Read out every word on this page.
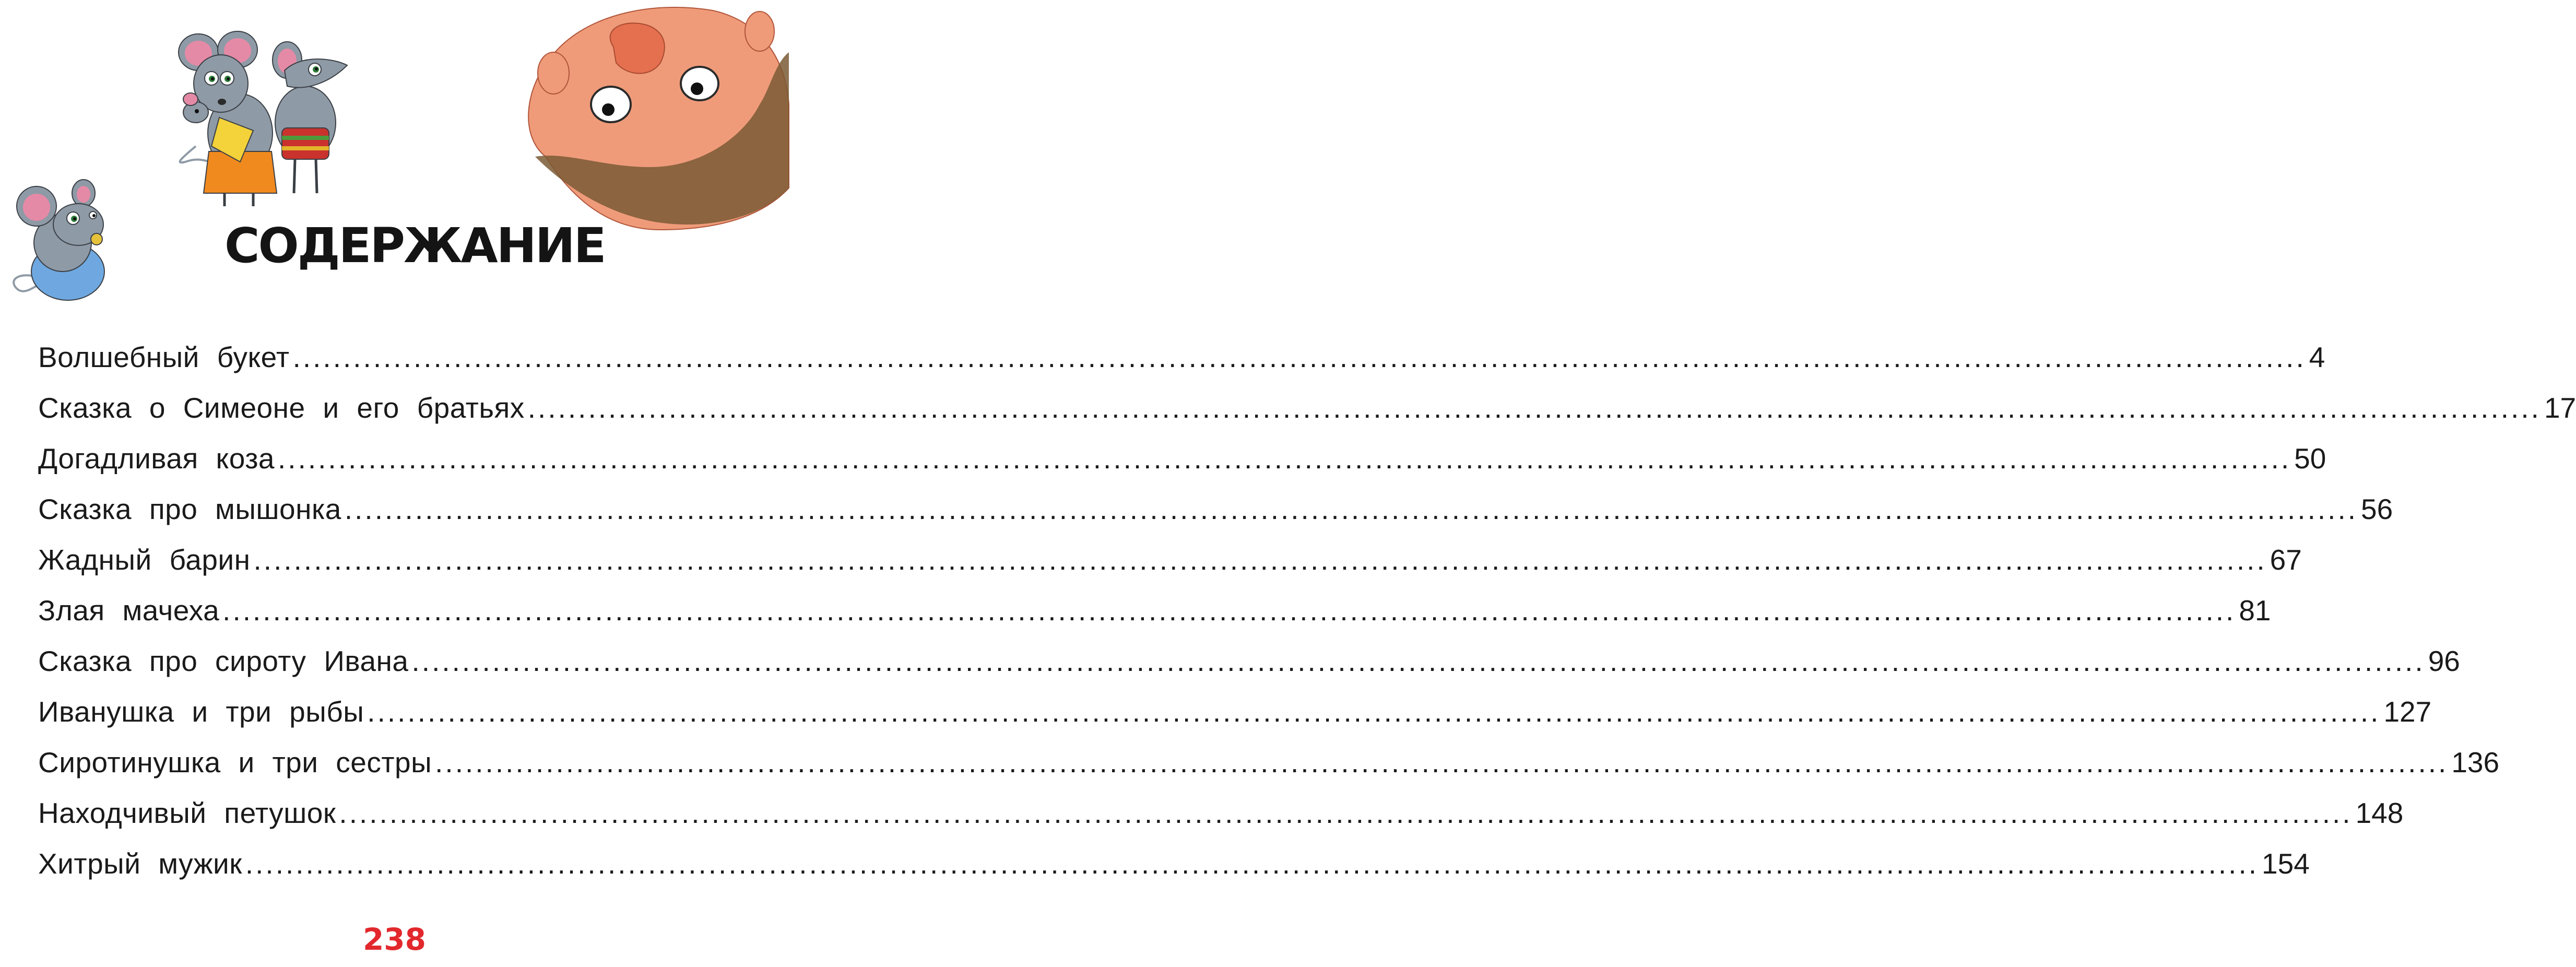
СОДЕРЖАНИЕ
Волшебный букет ........................................................................................................................................................................................................ 4
Сказка о Симеоне и его братьях ........................................................................................................................................................................................................ 17
Догадливая коза ........................................................................................................................................................................................................ 50
Сказка про мышонка ........................................................................................................................................................................................................ 56
Жадный барин ........................................................................................................................................................................................................ 67
Злая мачеха ........................................................................................................................................................................................................ 81
Сказка про сироту Ивана ........................................................................................................................................................................................................ 96
Иванушка и три рыбы ........................................................................................................................................................................................................ 127
Сиротинушка и три сестры ........................................................................................................................................................................................................ 136
Находчивый петушок ........................................................................................................................................................................................................ 148
Хитрый мужик ........................................................................................................................................................................................................ 154
238
